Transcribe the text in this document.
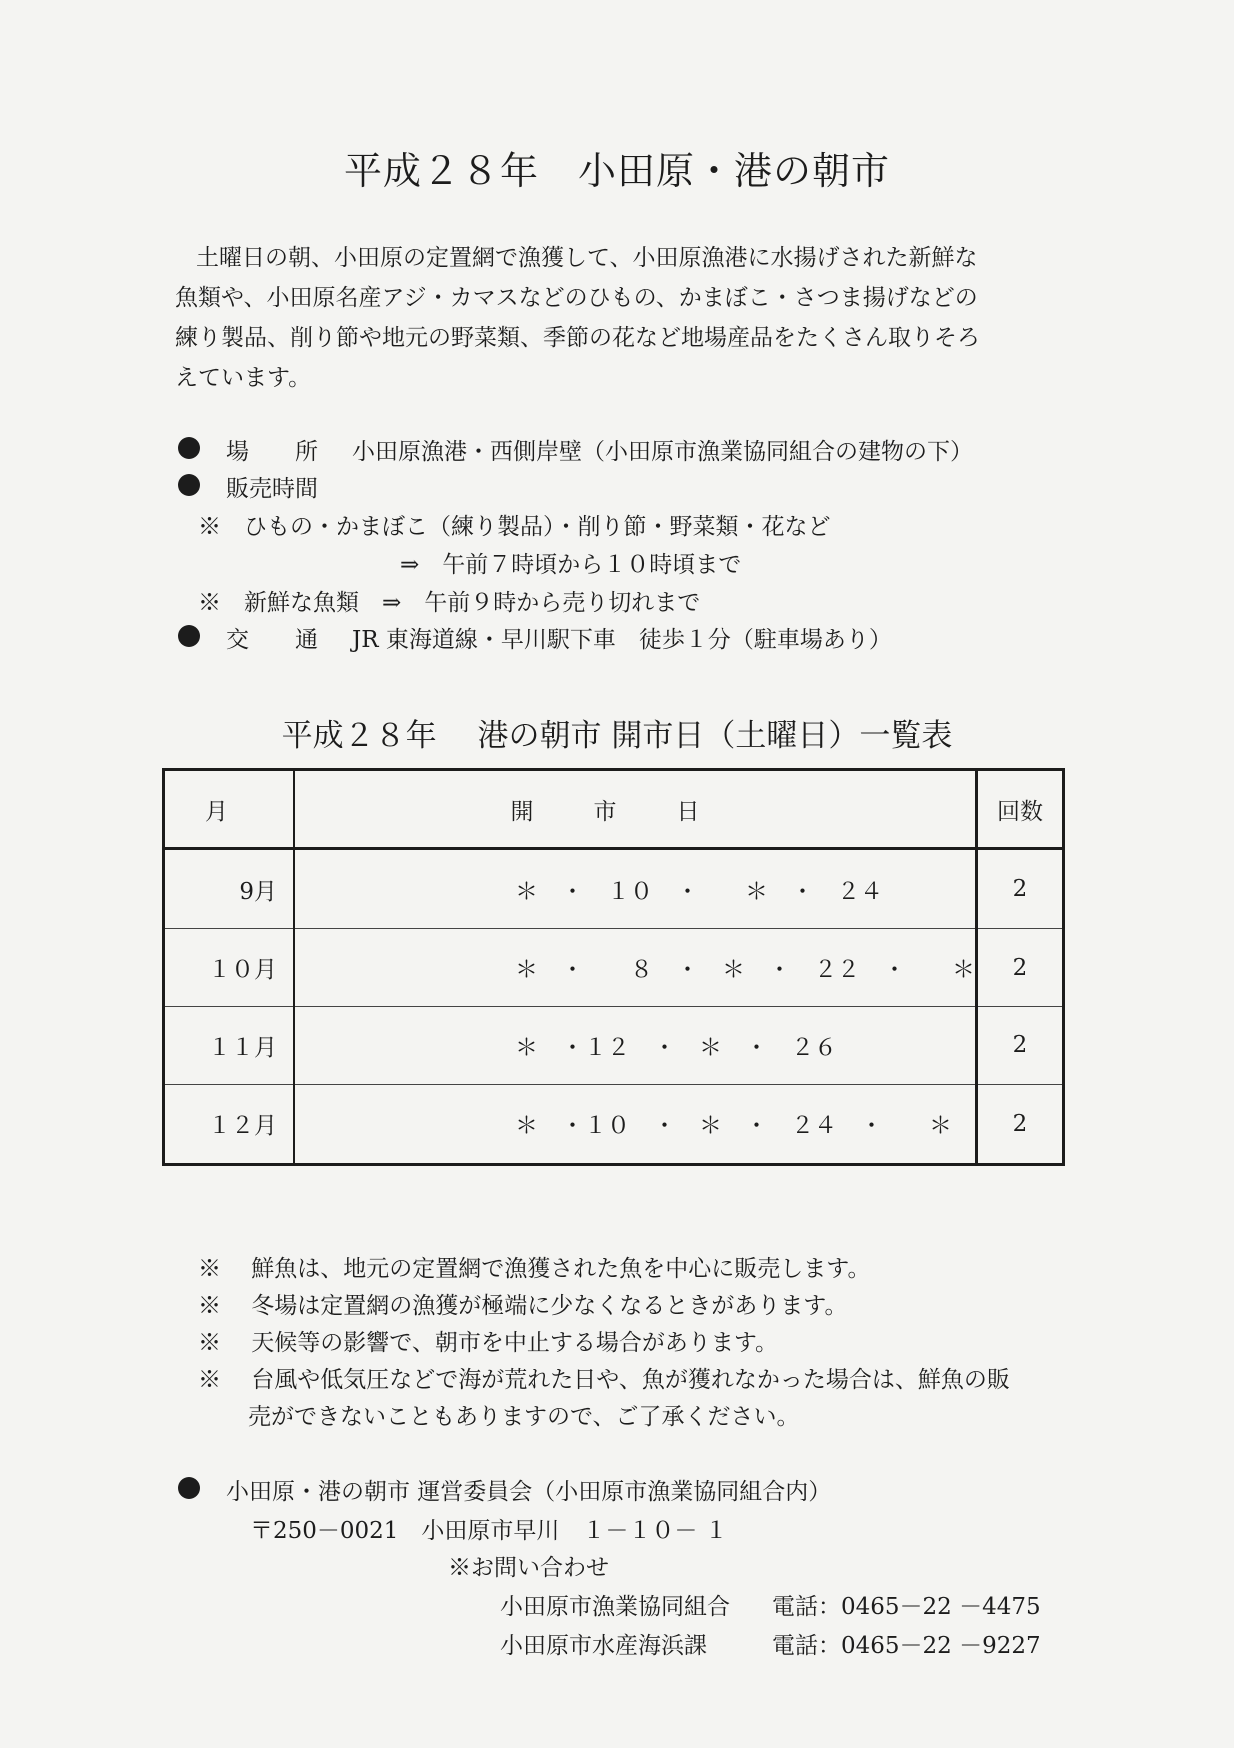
平成２８年　小田原・港の朝市
土曜日の朝、小田原の定置網で漁獲して、小田原漁港に水揚げされた新鮮な
魚類や、小田原名産アジ・カマスなどのひもの、かまぼこ・さつま揚げなどの
練り製品、削り節や地元の野菜類、季節の花など地場産品をたくさん取りそろ
えています。
場　　所 小田原漁港・西側岸壁（小田原市漁業協同組合の建物の下）
販売時間
※　ひもの・かまぼこ（練り製品）・削り節・野菜類・花など
⇒　午前７時頃から１０時頃まで
※　新鮮な魚類　⇒　午前９時から売り切れまで
交　　通 JR 東海道線・早川駅下車　徒歩１分（駐車場あり）
平成２８年　 港の朝市 開市日（土曜日）一覧表
月	開市日	回数
9月	＊　・　１０　・　　＊　・　２４	2
１０月	＊　・　　８　・　＊　・　２２　・　　＊	2
１１月	＊　・１２　・　＊　・　２６	2
１２月	＊　・１０　・　＊　・　２４　・　　＊	2
※　 鮮魚は、地元の定置網で漁獲された魚を中心に販売します。
※　 冬場は定置網の漁獲が極端に少なくなるときがあります。
※　 天候等の影響で、朝市を中止する場合があります。
※　 台風や低気圧などで海が荒れた日や、魚が獲れなかった場合は、鮮魚の販
売ができないこともありますので、ご了承ください。
小田原・港の朝市 運営委員会（小田原市漁業協同組合内）
〒250－0021　小田原市早川　１－１０－ １
※お問い合わせ
小田原市漁業協同組合 電話：0465－22 －4475
小田原市水産海浜課	電話：0465－22 －9227
